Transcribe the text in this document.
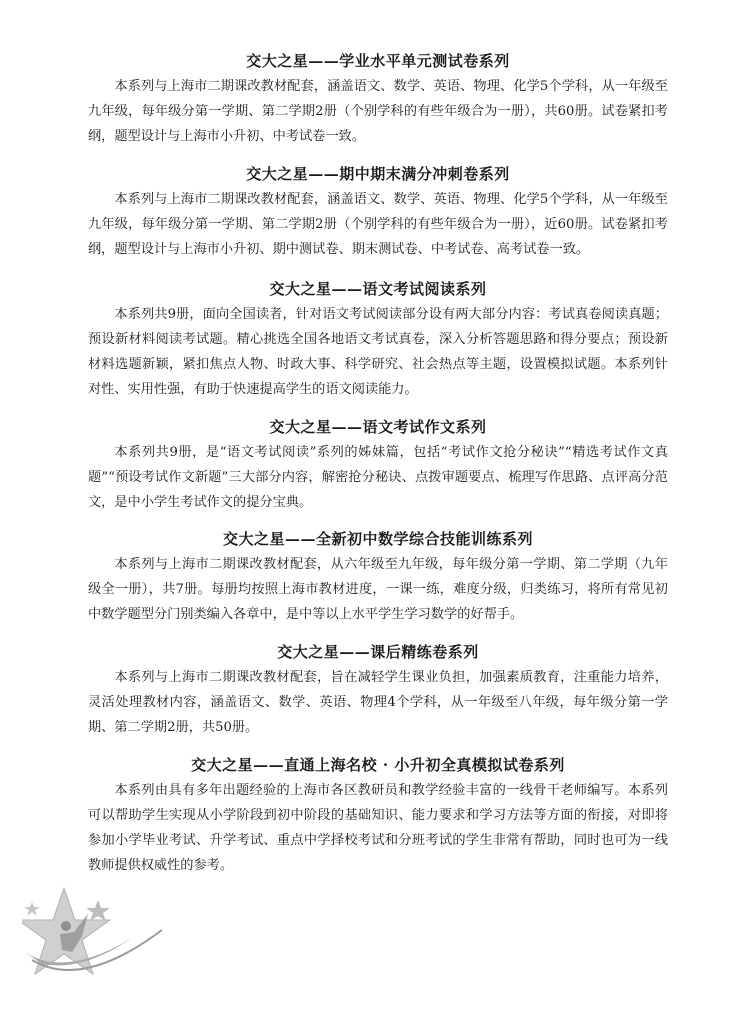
交大之星——学业水平单元测试卷系列

本系列与上海市二期课改教材配套，涵盖语文、数学、英语、物理、化学5个学科，从一年级至九年级，每年级分第一学期、第二学期2册（个别学科的有些年级合为一册），共60册。试卷紧扣考纲，题型设计与上海市小升初、中考试卷一致。

交大之星——期中期末满分冲刺卷系列

本系列与上海市二期课改教材配套，涵盖语文、数学、英语、物理、化学5个学科，从一年级至九年级，每年级分第一学期、第二学期2册（个别学科的有些年级合为一册），近60册。试卷紧扣考纲，题型设计与上海市小升初、期中测试卷、期末测试卷、中考试卷、高考试卷一致。

交大之星——语文考试阅读系列

本系列共9册，面向全国读者，针对语文考试阅读部分设有两大部分内容：考试真卷阅读真题；预设新材料阅读考试题。精心挑选全国各地语文考试真卷，深入分析答题思路和得分要点；预设新材料选题新颖，紧扣焦点人物、时政大事、科学研究、社会热点等主题，设置模拟试题。本系列针对性、实用性强，有助于快速提高学生的语文阅读能力。

交大之星——语文考试作文系列

本系列共9册，是“语文考试阅读”系列的姊妹篇，包括“考试作文抢分秘诀”“精选考试作文真题”“预设考试作文新题”三大部分内容，解密抢分秘诀、点拨审题要点、梳理写作思路、点评高分范文，是中小学生考试作文的提分宝典。

交大之星——全新初中数学综合技能训练系列

本系列与上海市二期课改教材配套，从六年级至九年级，每年级分第一学期、第二学期（九年级全一册），共7册。每册均按照上海市教材进度，一课一练，难度分级，归类练习，将所有常见初中数学题型分门别类编入各章中，是中等以上水平学生学习数学的好帮手。

交大之星——课后精练卷系列

本系列与上海市二期课改教材配套，旨在减轻学生课业负担，加强素质教育，注重能力培养，灵活处理教材内容，涵盖语文、数学、英语、物理4个学科，从一年级至八年级，每年级分第一学期、第二学期2册，共50册。

交大之星——直通上海名校 · 小升初全真模拟试卷系列

本系列由具有多年出题经验的上海市各区教研员和教学经验丰富的一线骨干老师编写。本系列可以帮助学生实现从小学阶段到初中阶段的基础知识、能力要求和学习方法等方面的衔接，对即将参加小学毕业考试、升学考试、重点中学择校考试和分班考试的学生非常有帮助，同时也可为一线教师提供权威性的参考。
